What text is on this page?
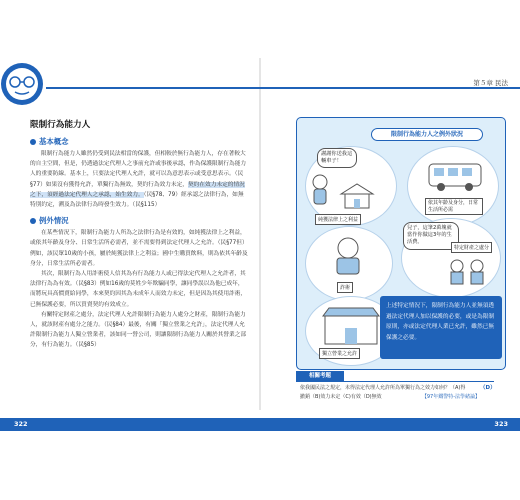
第５章 民法
限制行為能力人
基本概念

限制行為能力人雖然仍受到民法相當的保護，但相較於無行為能力人，存在著較大的自主空間，但是，仍透過法定代理人之事前允許或事後承認，作為保護限制行為能力人的重要防線。基本上，只要法定代理人允許，就可以為意思表示或受意思表示。（民§77）如果沒有獲得允許，單獨行為無效，契約行為效力未定，契約在效力未定的情況之下，須經過法定代理人之承認，始生效力。（民§78、79）經承認之法律行為，如無特別約定，溯及為法律行為時發生效力。（民§115）

例外情況

在某些情況下，限制行為能力人所為之法律行為是有效的，如純獲法律上之利益，或依其年齡及身分、日常生活所必需者，並不需要得到法定代理人之允許。（民§77但）例如，該民眾10歲的小孩，屬於純獲法律上之利益；國中生購買飲料，則為依其年齡及身分，日常生活所必需者。

其次，限制行為人用詐術使人信其為有行為能力人或已得法定代理人之允許者，其法律行為為有效。（民§83）例如16歲的莫姓少年欺騙同學，讓同學誤以為他已成年，而將玩具高價賣給同學，本來契約因其為未成年人而效力未定，但是因為其使用詐術，已無保護必要，所以買賣契約有效成立。

有關特定財產之處分，法定代理人允許限制行為能力人處分之財產，限制行為能力人，就該財產有處分之能力。（民§84）最後，有關「獨立營業之允許」，法定代理人允許限制行為能力人獨立營業者，該如同一營公司，則讓限制行為能力人關於其營業之部分，有行為能力。（民§85）

限制行為能力人之例外狀況
謝謝你送我這輛車子！
純獲法律上之利益
依其年齡及身分，日常生活所必需
詐術
兒子，這筆2萬塊就當作你做這3年的生活費。
特定財產之處分
獨立營業之允許
上述特定情況下，限制行為能力人並無須透過法定代理人加以保護的必要，或是為限制原則，亦或法定代理人業已允許，雖然已無保護之必要。
相關考題
依我國民法之規定，未得法定代理人允許所為單獨行為之效力如何？（A)得撤銷（B)效力未定（C)有效（D)無效
（D）
【97年鐵警特-法學緒論】
322	323
